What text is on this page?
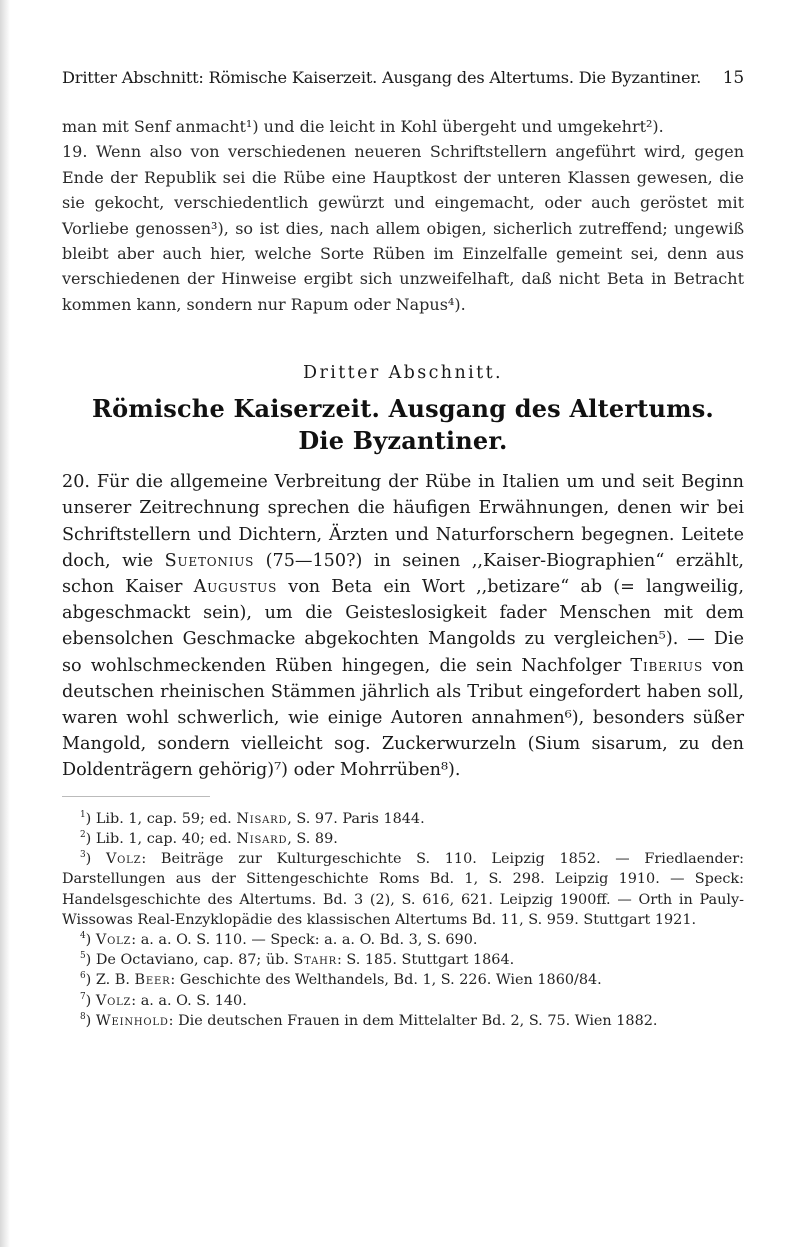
Dritter Abschnitt: Römische Kaiserzeit. Ausgang des Altertums. Die Byzantiner. 15

man mit Senf anmacht¹) und die leicht in Kohl übergeht und umgekehrt²).

19. Wenn also von verschiedenen neueren Schriftstellern angeführt wird, gegen Ende der Republik sei die Rübe eine Hauptkost der unteren Klassen gewesen, die sie gekocht, verschiedentlich gewürzt und eingemacht, oder auch geröstet mit Vorliebe genossen³), so ist dies, nach allem obigen, sicherlich zutreffend; ungewiß bleibt aber auch hier, welche Sorte Rüben im Einzelfalle gemeint sei, denn aus verschiedenen der Hinweise ergibt sich unzweifelhaft, daß nicht Beta in Betracht kommen kann, sondern nur Rapum oder Napus⁴).

Dritter Abschnitt.
Römische Kaiserzeit. Ausgang des Altertums.
Die Byzantiner.

20. Für die allgemeine Verbreitung der Rübe in Italien um und seit Beginn unserer Zeitrechnung sprechen die häufigen Erwähnungen, denen wir bei Schriftstellern und Dichtern, Ärzten und Naturforschern begegnen. Leitete doch, wie Suetonius (75—150?) in seinen ,,Kaiser-Biographien“ erzählt, schon Kaiser Augustus von Beta ein Wort ,,betizare“ ab (= langweilig, abgeschmackt sein), um die Geisteslosigkeit fader Menschen mit dem ebensolchen Geschmacke abgekochten Mangolds zu vergleichen⁵). — Die so wohlschmeckenden Rüben hingegen, die sein Nachfolger Tiberius von deutschen rheinischen Stämmen jährlich als Tribut eingefordert haben soll, waren wohl schwerlich, wie einige Autoren annahmen⁶), besonders süßer Mangold, sondern vielleicht sog. Zuckerwurzeln (Sium sisarum, zu den Doldenträgern gehörig)⁷) oder Mohrrüben⁸).

$^1$) Lib. 1, cap. 59; ed. Nisard, S. 97. Paris 1844.

$^2$) Lib. 1, cap. 40; ed. Nisard, S. 89.

$^3$) Volz: Beiträge zur Kulturgeschichte S. 110. Leipzig 1852. — Friedlaender: Darstellungen aus der Sittengeschichte Roms Bd. 1, S. 298. Leipzig 1910. — Speck: Handelsgeschichte des Altertums. Bd. 3 (2), S. 616, 621. Leipzig 1900ff. — Orth in Pauly-Wissowas Real-Enzyklopädie des klassischen Altertums Bd. 11, S. 959. Stuttgart 1921.

$^4$) Volz: a. a. O. S. 110. — Speck: a. a. O. Bd. 3, S. 690.

$^5$) De Octaviano, cap. 87; üb. Stahr: S. 185. Stuttgart 1864.

$^6$) Z. B. Beer: Geschichte des Welthandels, Bd. 1, S. 226. Wien 1860/84.

$^7$) Volz: a. a. O. S. 140.

$^8$) Weinhold: Die deutschen Frauen in dem Mittelalter Bd. 2, S. 75. Wien 1882.
